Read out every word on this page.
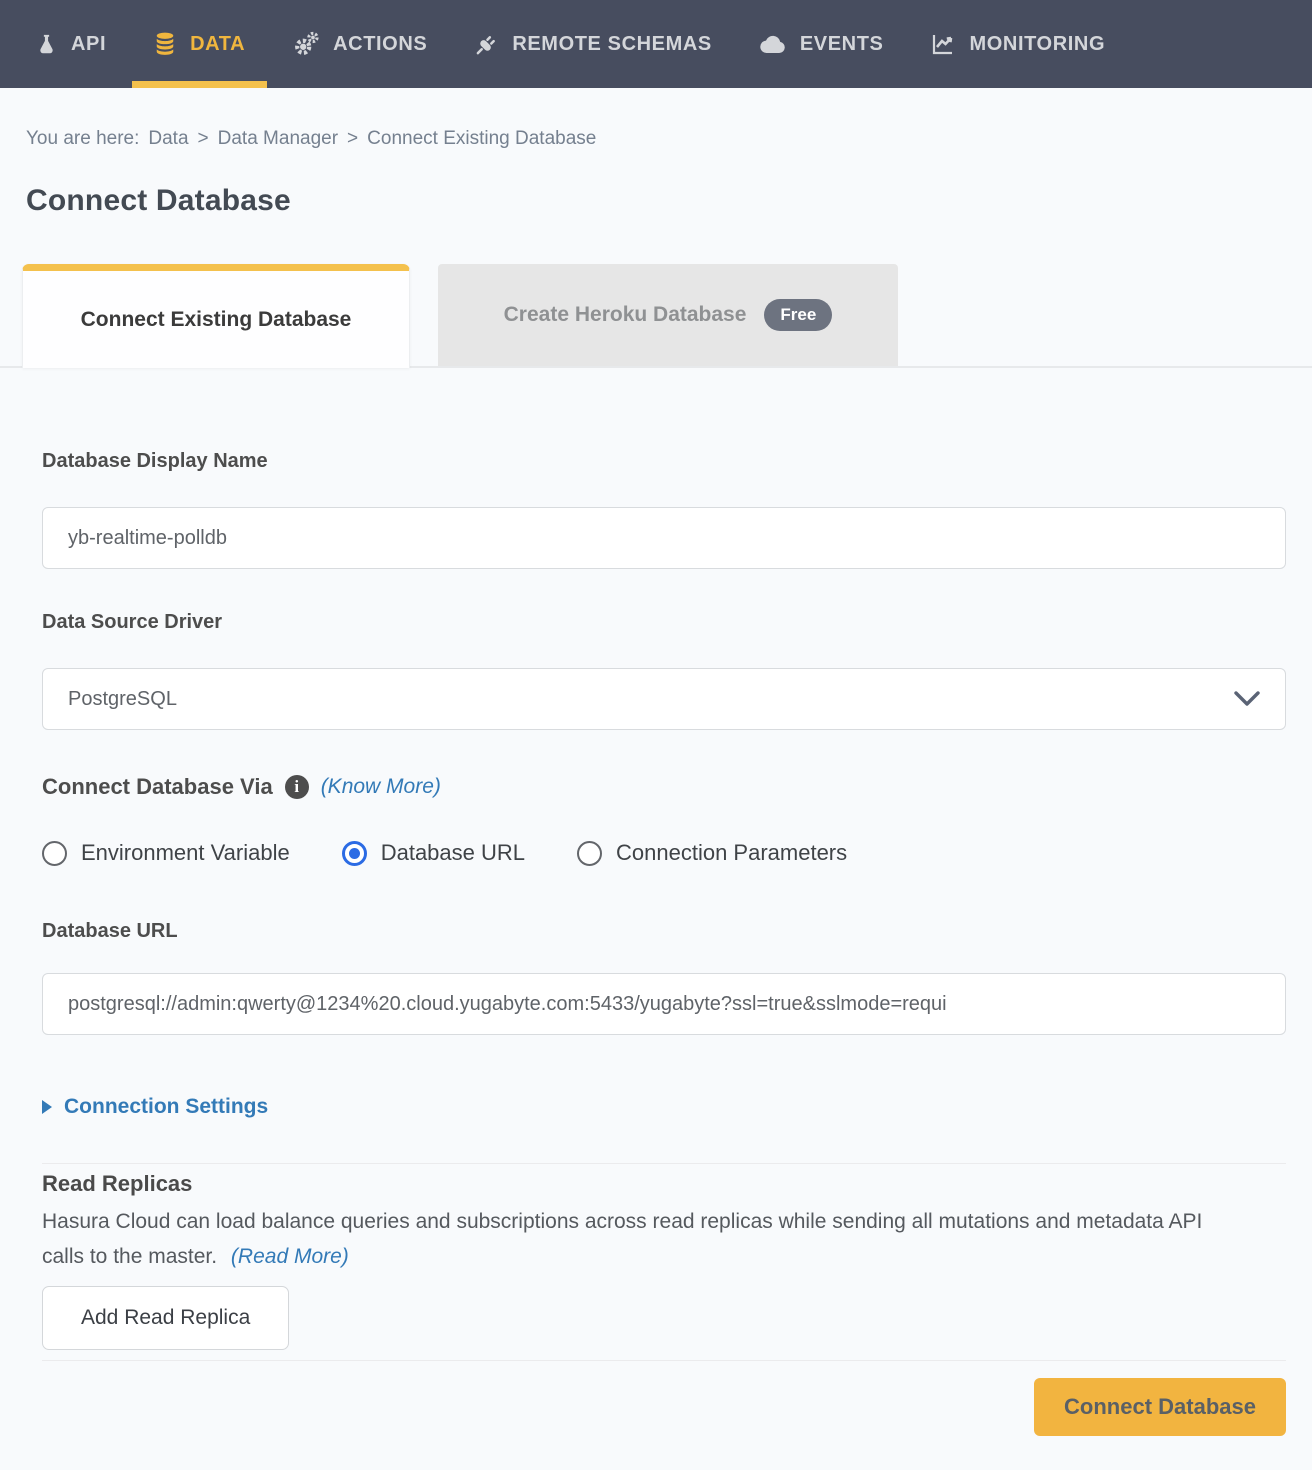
API	DATA	ACTIONS	REMOTE SCHEMAS	EVENTS	MONITORING
You are here: Data > Data Manager > Connect Existing Database
Connect Database
Connect Existing Database	Create Heroku Database	Free
Database Display Name
yb-realtime-polldb
Data Source Driver
PostgreSQL
Connect Database Via	i	(Know More)
Environment Variable	Database URL	Connection Parameters
Database URL
postgresql://admin:qwerty@1234%20.cloud.yugabyte.com:5433/yugabyte?ssl=true&sslmode=requi
Connection Settings
Read Replicas
Hasura Cloud can load balance queries and subscriptions across read replicas while sending all mutations and metadata API calls to the master. (Read More)
Add Read Replica
Connect Database
